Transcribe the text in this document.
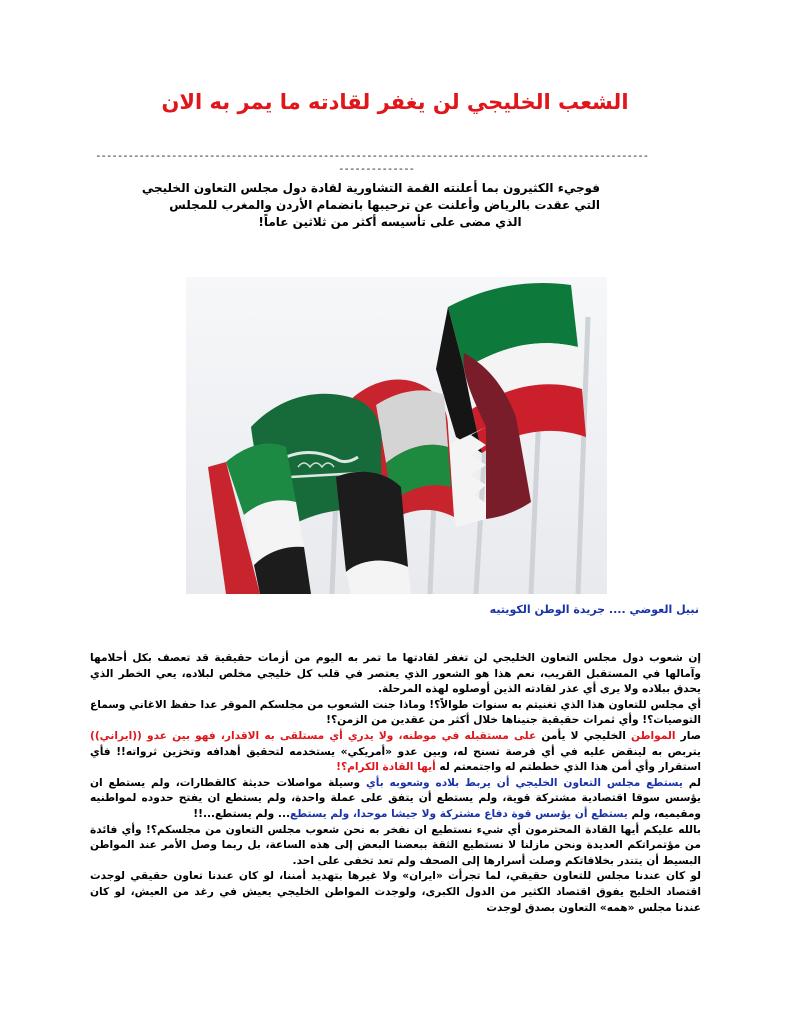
الشعب الخليجي لن يغفر لقادته ما يمر به الان
------------------------------------------------------------------------------------------------------
--------------
فوجيء الكثيرون بما أعلنته القمة التشاورية لقادة دول مجلس التعاون الخليجي
التي عقدت بالرياض وأعلنت عن ترحيبها بانضمام الأردن والمغرب للمجلس
الذي مضى على تأسيسه أكثر من ثلاثين عاماً!
نبيل العوضي .... جريدة الوطن الكويتيه

إن شعوب دول مجلس التعاون الخليجي لن تغفر لقادتها ما تمر به اليوم من أزمات حقيقية قد تعصف بكل أحلامها وآمالها في المستقبل القريب، نعم هذا هو الشعور الذي يعتصر في قلب كل خليجي مخلص لبلاده، يعي الخطر الذي يحدق ببلاده ولا يرى أي عذر لقادته الذين أوصلوه لهذه المرحلة.

أي مجلس للتعاون هذا الذي تغنيتم به سنوات طوالاً؟! وماذا جنت الشعوب من مجلسكم الموقر عدا حفظ الاغاني وسماع التوصيات؟! وأي ثمرات حقيقية جنيناها خلال أكثر من عقدين من الزمن؟!

صار المواطن الخليجي لا يأمن على مستقبله في موطنه، ولا يدري أي مستلقى به الاقدار، فهو بين عدو ((ايراني)) يتربص به لينقض عليه في أي فرصة تسنح له، وبين عدو «أمريكي» يستخدمه لتحقيق أهدافه وتخزين ثرواته!! فأي استقرار وأي أمن هذا الذي خططتم له واجتمعتم له أيها القادة الكرام؟!

لم يستطع مجلس التعاون الخليجي أن يربط بلاده وشعوبه بأي وسيلة مواصلات حديثة كالقطارات، ولم يستطع ان يؤسس سوقا اقتصادية مشتركة قوية، ولم يستطع أن يتفق على عملة واحدة، ولم يستطع ان يفتح حدوده لمواطنيه ومقيميه، ولم يستطع أن يؤسس قوة دفاع مشتركة ولا جيشا موحدا، ولم يستطع... ولم يستطع...!!

بالله عليكم أيها القادة المحترمون أي شيء نستطيع ان نفخر به نحن شعوب مجلس التعاون من مجلسكم؟! وأي فائدة من مؤتمراتكم العديدة ونحن مازلنا لا نستطيع الثقة ببعضنا البعض إلى هذه الساعة، بل ربما وصل الأمر عند المواطن البسيط أن يتندر بخلافاتكم وصلت أسرارها إلى الصحف ولم تعد تخفى على احد.

لو كان عندنا مجلس للتعاون حقيقي، لما تجرأت «ايران» ولا غيرها بتهديد أمننا، لو كان عندنا تعاون حقيقي لوجدت اقتصاد الخليج يفوق اقتصاد الكثير من الدول الكبرى، ولوجدت المواطن الخليجي يعيش في رغد من العيش، لو كان عندنا مجلس «همه» التعاون بصدق لوجدت
